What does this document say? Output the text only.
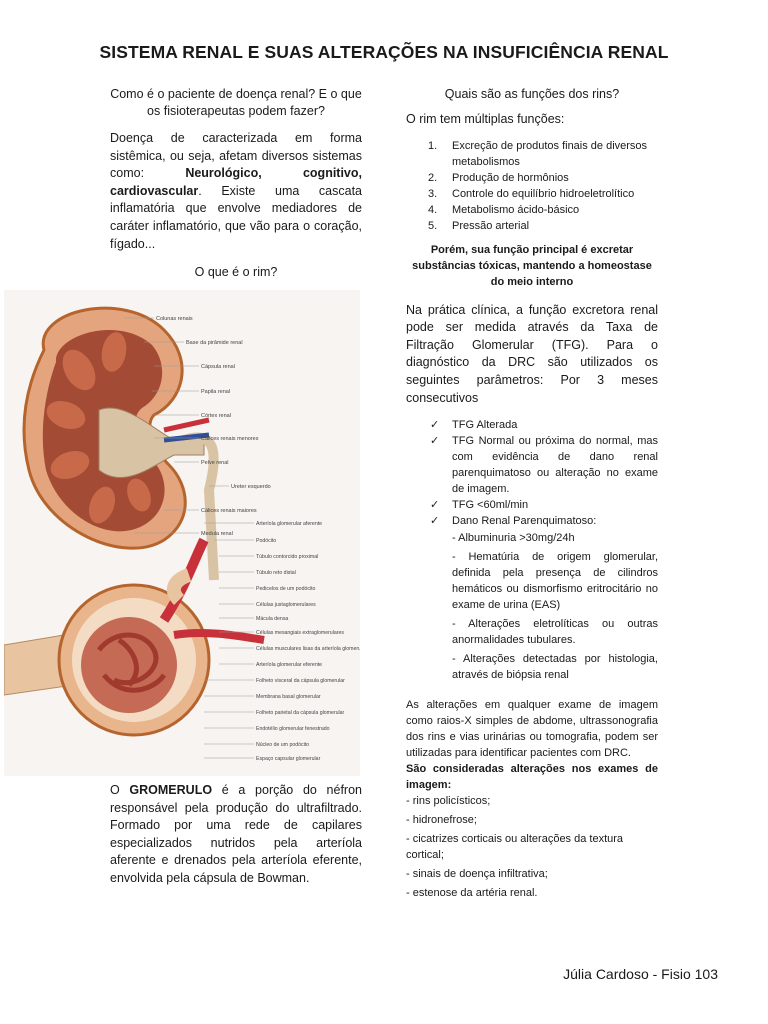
SISTEMA RENAL E SUAS ALTERAÇÕES NA INSUFICIÊNCIA RENAL
Como é o paciente de doença renal? E o que os fisioterapeutas podem fazer?
Doença de caracterizada em forma sistêmica, ou seja, afetam diversos sistemas como: Neurológico, cognitivo, cardiovascular. Existe uma cascata inflamatória que envolve mediadores de caráter inflamatório, que vão para o coração, fígado...
O que é o rim?
Colunas renais
Base da pirâmide renal
Cápsula renal
Papila renal
Córtex renal
Cálices renais menores
Pelve renal
Ureter esquerdo
Cálices renais maiores
Medula renal
Arteríola glomerular aferente
Podócito
Túbulo contorcido proximal
Túbulo reto distal
Pedicelos de um podócito
Células justaglomerulares
Mácula densa
Células mesangiais extraglomerulares
Células musculares lisas da arteríola glomerular
Arteríola glomerular eferente
Folheto visceral da cápsula glomerular
Membrana basal glomerular
Folheto parietal da cápsula glomerular
Endotélio glomerular fenestrado
Núcleo de um podócito
Espaço capsular glomerular
O GROMERULO é a porção do néfron responsável pela produção do ultrafiltrado. Formado por uma rede de capilares especializados nutridos pela arteríola aferente e drenados pela arteríola eferente, envolvida pela cápsula de Bowman.
Quais são as funções dos rins?
O rim tem múltiplas funções:
1.	Excreção de produtos finais de diversos metabolismos
2.	Produção de hormônios
3.	Controle do equilíbrio hidroeletrolítico
4.	Metabolismo ácido-básico
5.	Pressão arterial
Porém, sua função principal é excretar substâncias tóxicas, mantendo a homeostase do meio interno
Na prática clínica, a função excretora renal pode ser medida através da Taxa de Filtração Glomerular (TFG). Para o diagnóstico da DRC são utilizados os seguintes parâmetros: Por 3 meses consecutivos
✓	TFG Alterada
✓	TFG Normal ou próxima do normal, mas com evidência de dano renal parenquimatoso ou alteração no exame de imagem.
✓	TFG <60ml/min
✓	Dano Renal Parenquimatoso:
- Albuminuria >30mg/24h
- Hematúria de origem glomerular, definida pela presença de cilindros hemáticos ou dismorfismo eritrocitário no exame de urina (EAS)
- Alterações eletrolíticas ou outras anormalidades tubulares.
- Alterações detectadas por histologia, através de biópsia renal
As alterações em qualquer exame de imagem como raios-X simples de abdome, ultrassonografia dos rins e vias urinárias ou tomografia, podem ser utilizadas para identificar pacientes com DRC.
São consideradas alterações nos exames de imagem:
- rins policísticos;
- hidronefrose;
- cicatrizes corticais ou alterações da textura cortical;
- sinais de doença infiltrativa;
- estenose da artéria renal.
Júlia Cardoso - Fisio 103
